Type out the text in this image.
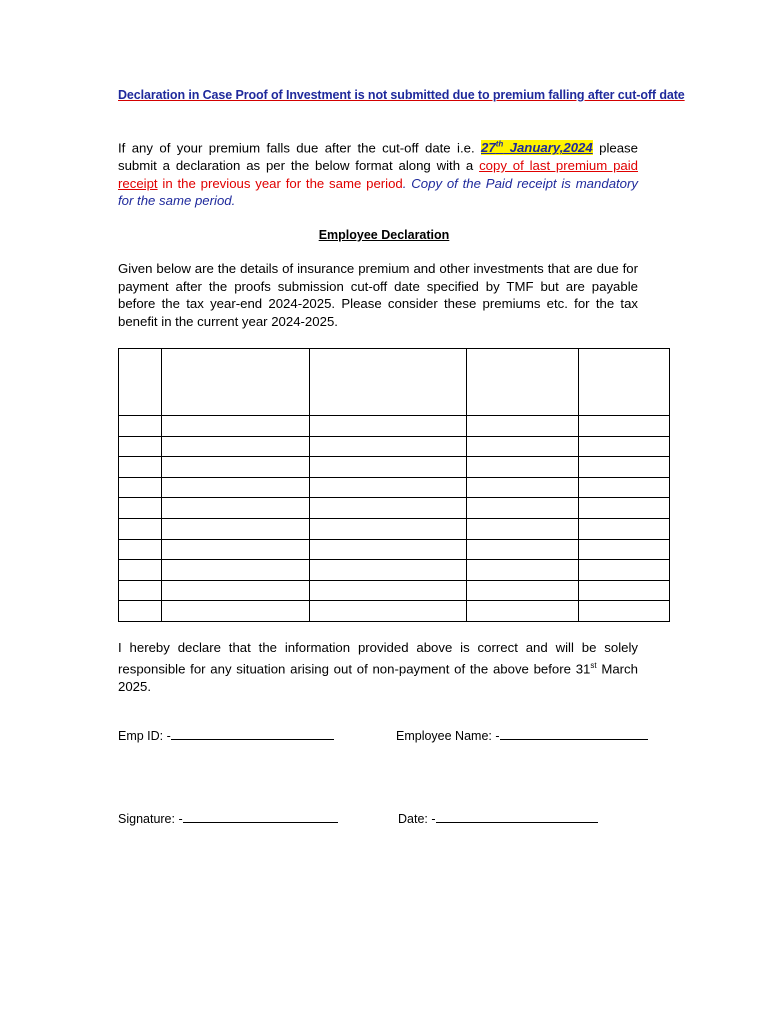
Declaration in Case Proof of Investment is not submitted due to premium falling after cut-off date
If any of your premium falls due after the cut-off date i.e. 27th January,2024 please submit a declaration as per the below format along with a copy of last premium paid receipt in the previous year for the same period. Copy of the Paid receipt is mandatory for the same period.
Employee Declaration
Given below are the details of insurance premium and other investments that are due for payment after the proofs submission cut-off date specified by TMF but are payable before the tax year-end 2024-2025. Please consider these premiums etc. for the tax benefit in the current year 2024-2025.

I hereby declare that the information provided above is correct and will be solely responsible for any situation arising out of non-payment of the above before 31st March 2025.
Emp ID: -	Employee Name: -
Signature: -	Date: -
